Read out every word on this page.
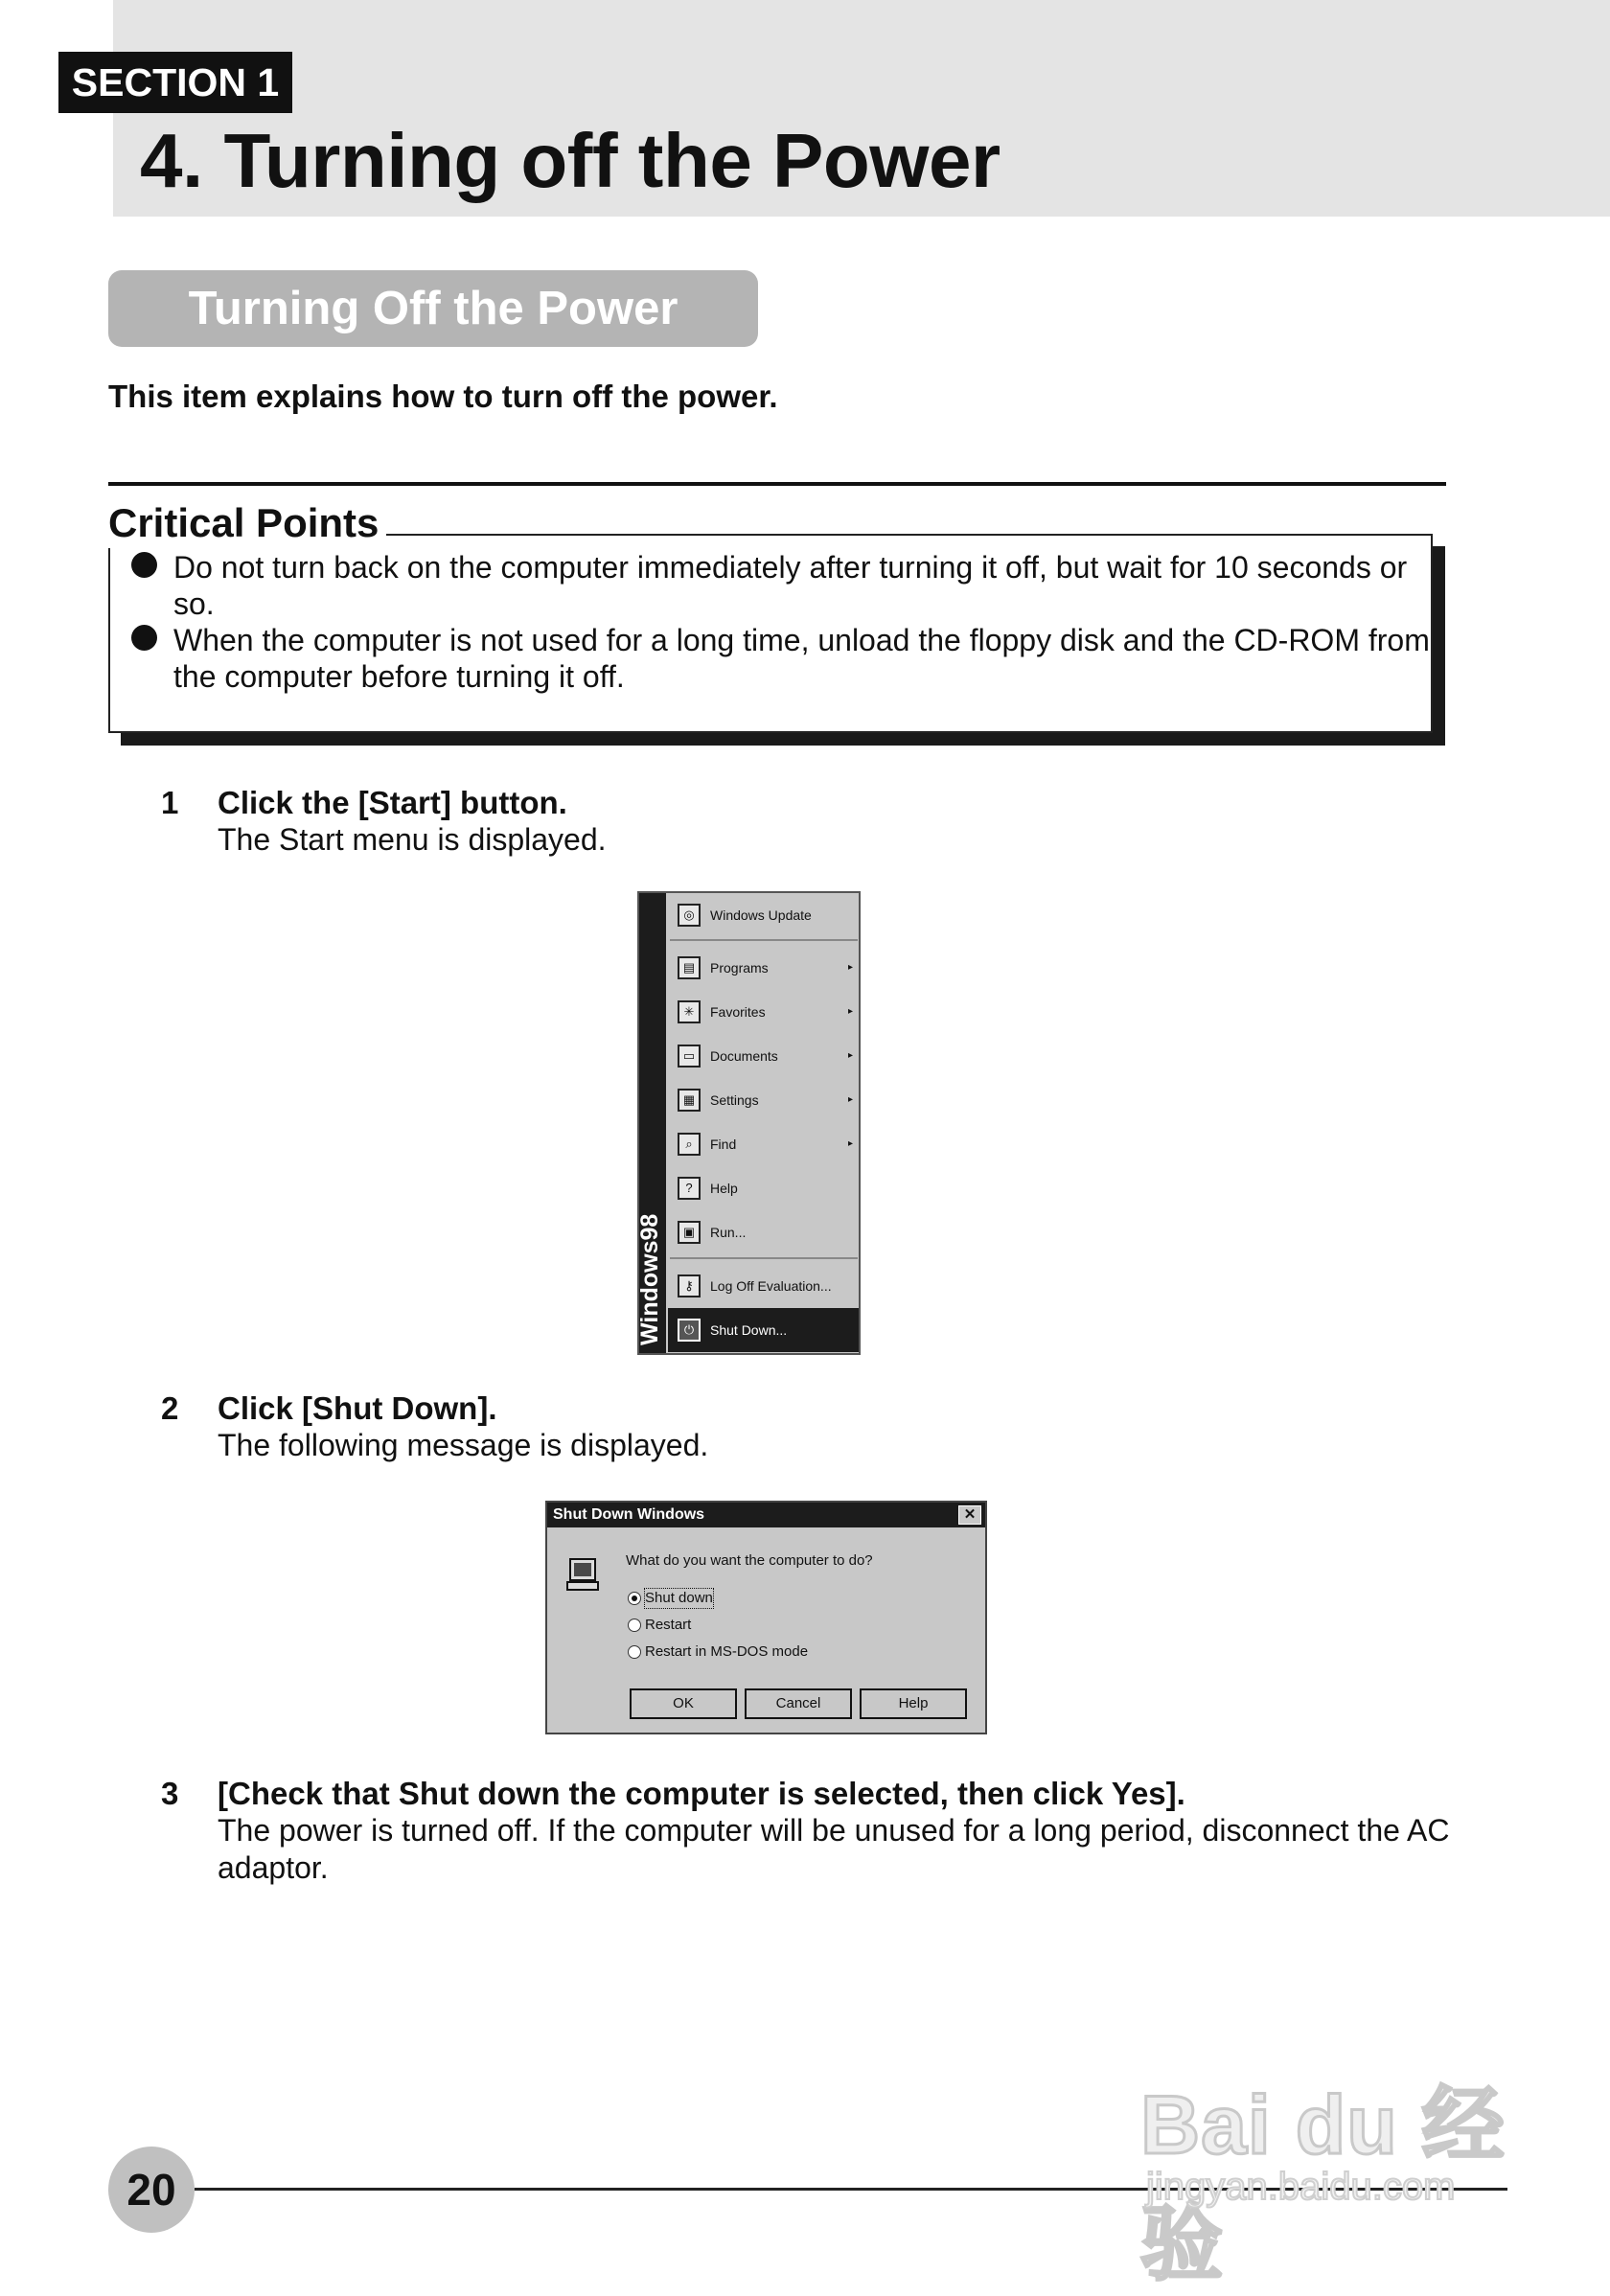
SECTION 1
4. Turning off the Power
Turning Off the Power
This item explains how to turn off the power.
Critical Points
Do not turn back on the computer immediately after turning it off, but wait for 10 seconds or
so.
When the computer is not used for a long time, unload the floppy disk and the CD-ROM from
the computer before turning it off.
1 Click the [Start] button.
The Start menu is displayed.
Windows98
◎	Windows Update
▤	Programs	▸
✳	Favorites	▸
▭	Documents	▸
▦	Settings	▸
⌕	Find	▸
?	Help
▣	Run...
⚷	Log Off Evaluation...
⏻	Shut Down...
2 Click [Shut Down].
The following message is displayed.
Shut Down Windows	✕
What do you want the computer to do?
Shut down
Restart
Restart in MS-DOS mode
OK	Cancel	Help
3 [Check that Shut down the computer is selected, then click Yes].
The power is turned off. If the computer will be unused for a long period, disconnect the AC
adaptor.
20
Bai du 经验
jingyan.baidu.com
